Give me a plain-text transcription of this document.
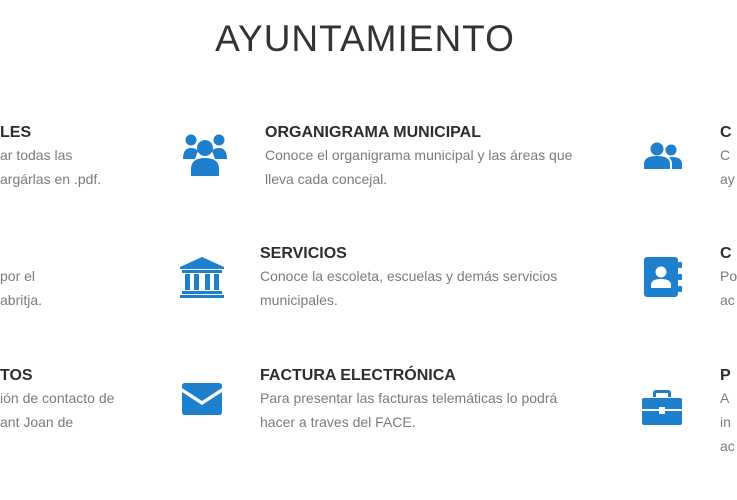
AYUNTAMIENTO
LES
ar todas las
argárlas en .pdf.
por el
abritja.
TOS
ión de contacto de
ant Joan de
ORGANIGRAMA MUNICIPAL
Conoce el organigrama municipal y las áreas que
lleva cada concejal.
SERVICIOS
Conoce la escoleta, escuelas y demás servicios
municipales.
FACTURA ELECTRÓNICA
Para presentar las facturas telemáticas lo podrá
hacer a traves del FACE.
C
C
ay
C
Po
ac
P
A
in
ac
